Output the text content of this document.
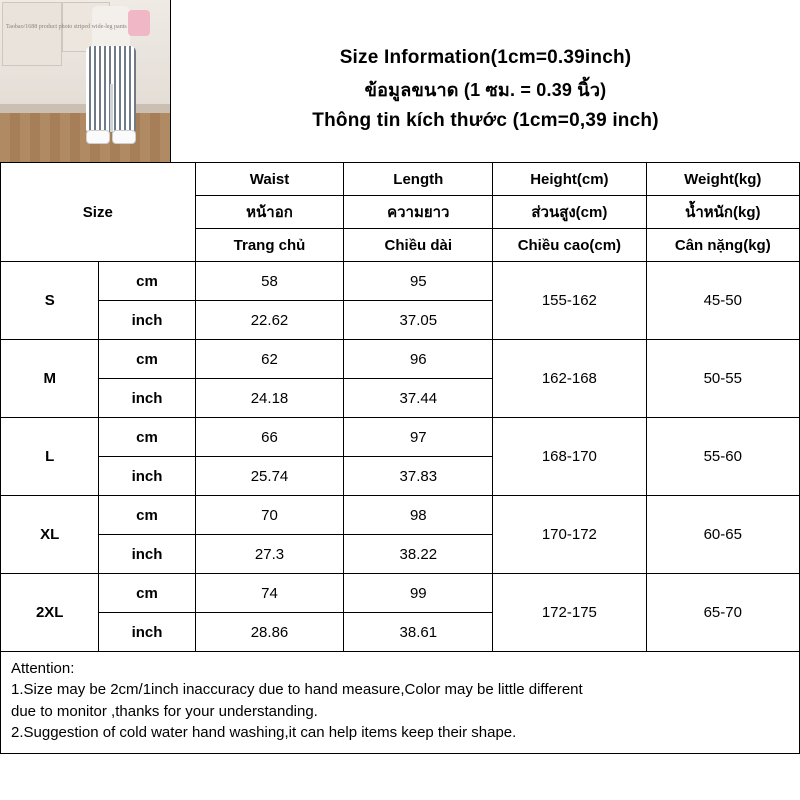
Taobao/1688 product photo striped wide-leg pants
Size Information(1cm=0.39inch)
ข้อมูลขนาด (1 ซม. = 0.39 นิ้ว)
Thông tin kích thước (1cm=0,39 inch)
Size		Waist	Length	Height(cm)	Weight(kg)
		หน้าอก	ความยาว	ส่วนสูง(cm)	น้ำหนัก(kg)
		Trang chủ	Chiều dài	Chiều cao(cm)	Cân nặng(kg)
S	cm	58	95	155-162	45-50
	inch	22.62	37.05		
M	cm	62	96	162-168	50-55
	inch	24.18	37.44		
L	cm	66	97	168-170	55-60
	inch	25.74	37.83		
XL	cm	70	98	170-172	60-65
	inch	27.3	38.22		
2XL	cm	74	99	172-175	65-70
	inch	28.86	38.61		
Attention:
1.Size may be 2cm/1inch inaccuracy due to hand measure,Color may be little different
due to monitor ,thanks for your understanding.
2.Suggestion of cold water hand washing,it can help items keep their shape.
